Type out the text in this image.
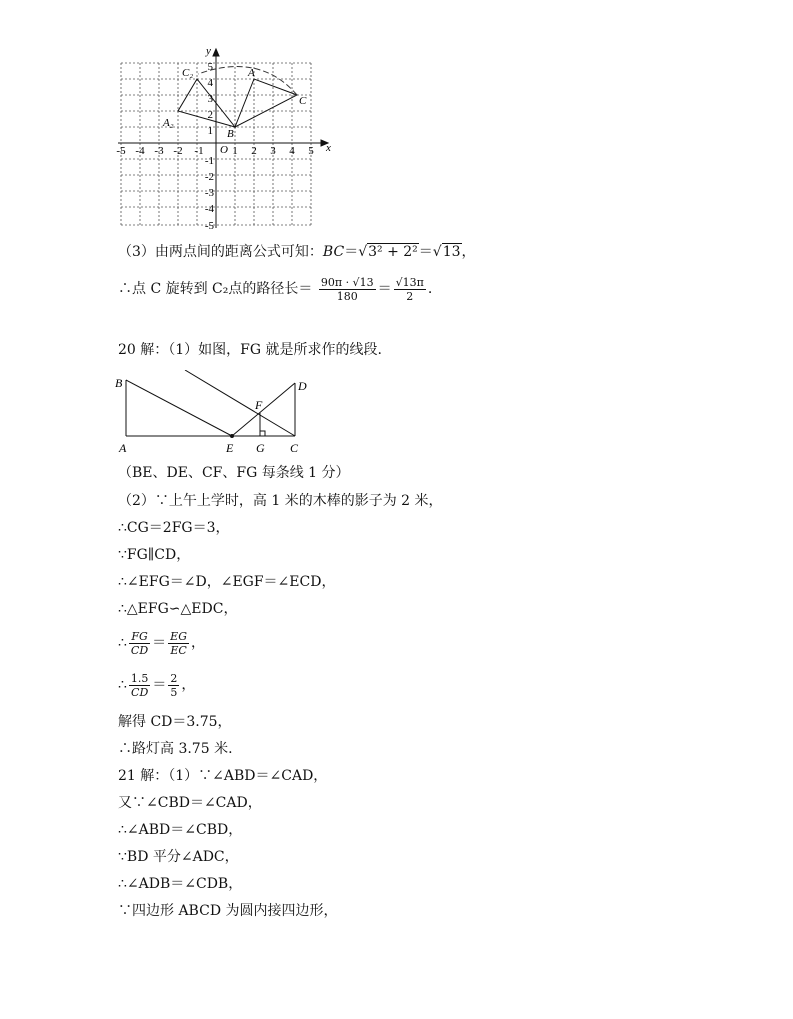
x
y
O
-5 -4 -3 -2 -1	1 2 3 4 5
1
2
3
4
5
-1
-2
-3
-4
-5
B
A
C
A₂
C₂
（3）由两点间的距离公式可知：BC＝√3² + 2²＝√13，
∴点 C 旋转到 C₂点的路径长＝ $\frac{90\pi \cdot √13}{180} = \frac{√13\pi}{2}$ .
20 解：（1）如图，FG 就是所求作的线段.
B
A	E G C
D
F
（BE、DE、CF、FG 每条线 1 分）
（2）∵上午上学时，高 1 米的木棒的影子为 2 米，
∴CG＝2FG＝3，
∵FG∥CD，
∴∠EFG＝∠D，∠EGF＝∠ECD，
∴△EFG∽△EDC，
∴ $\frac{FG}{CD} = \frac{EG}{EC}$ ，
∴ $\frac{1.5}{CD} = \frac{2}{5}$ ，
解得 CD＝3.75，
∴路灯高 3.75 米.
21 解：（1）∵∠ABD＝∠CAD，
又∵∠CBD＝∠CAD，
∴∠ABD＝∠CBD，
∵BD 平分∠ADC，
∴∠ADB＝∠CDB，
∵四边形 ABCD 为圆内接四边形，
